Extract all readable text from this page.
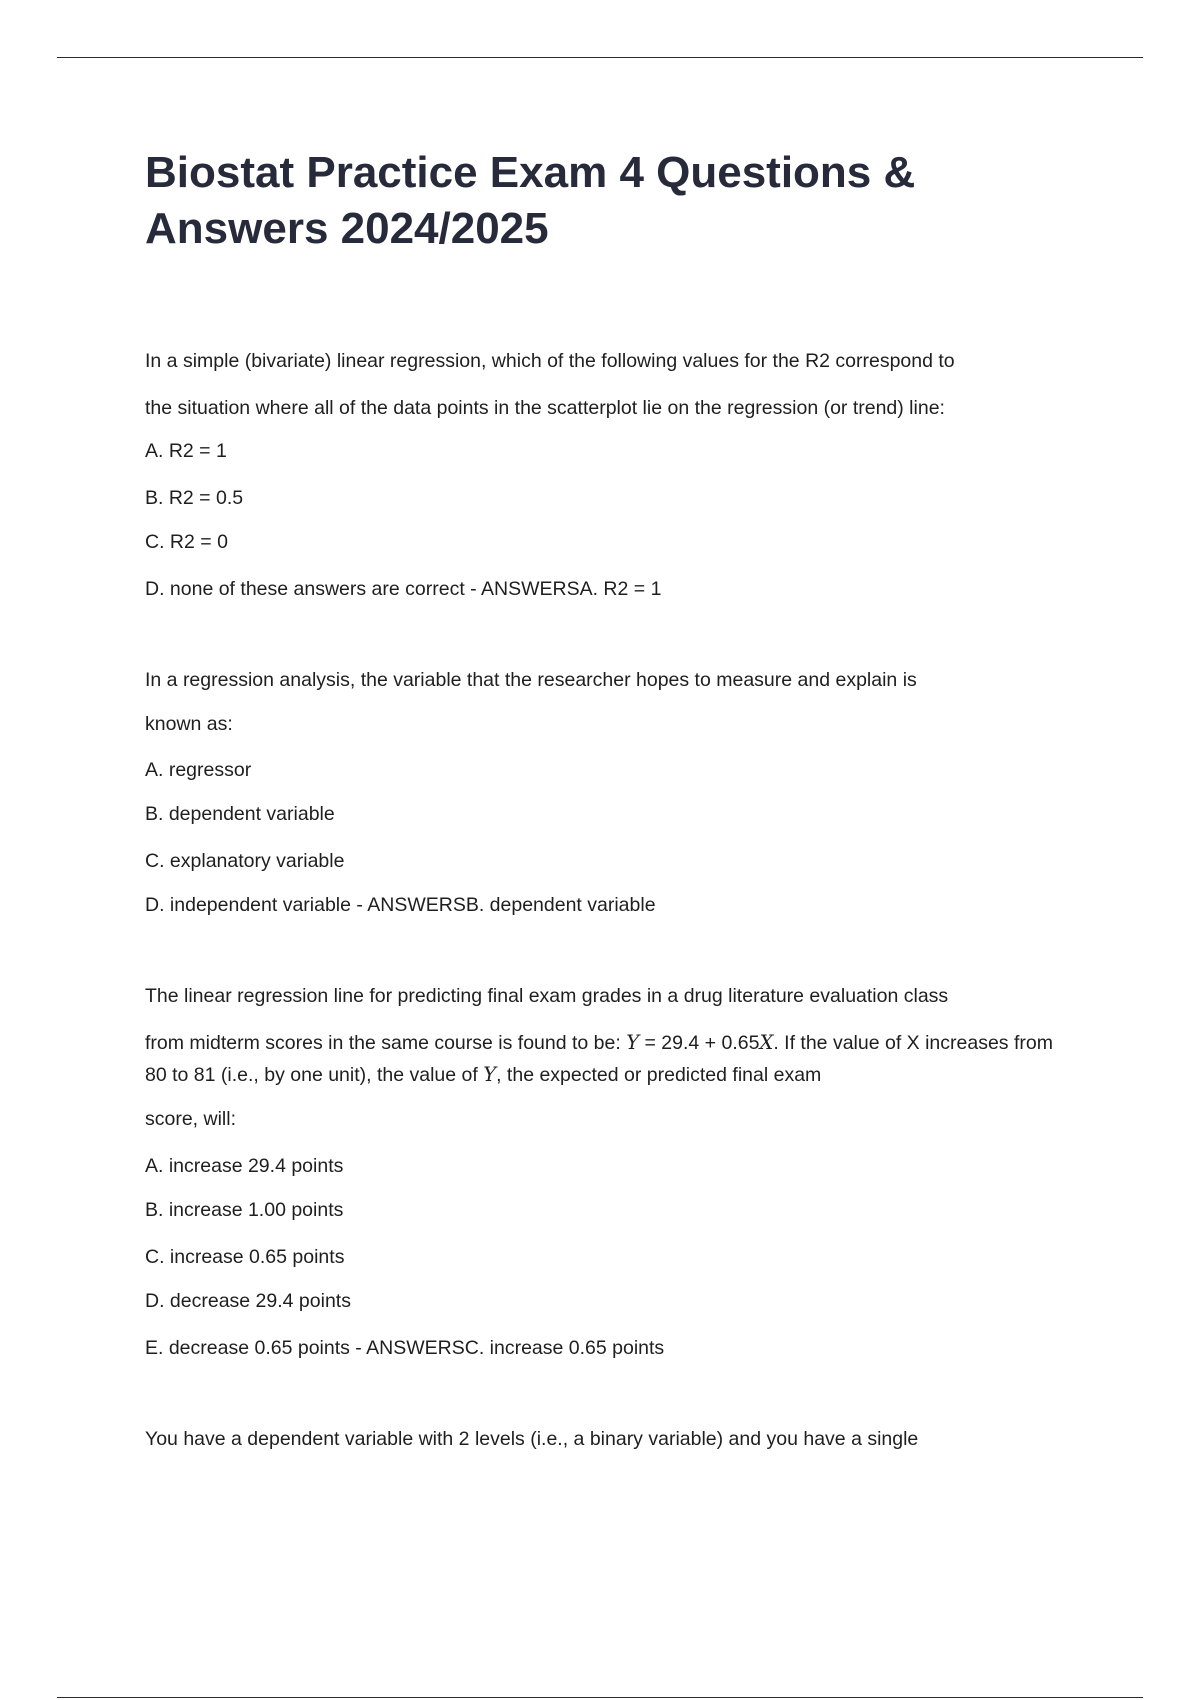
Biostat Practice Exam 4 Questions & Answers 2024/2025
In a simple (bivariate) linear regression, which of the following values for the R2 correspond to
the situation where all of the data points in the scatterplot lie on the regression (or trend) line:
A. R2 = 1
B. R2 = 0.5
C. R2 = 0
D. none of these answers are correct - ANSWERSA. R2 = 1
In a regression analysis, the variable that the researcher hopes to measure and explain is
known as:
A. regressor
B. dependent variable
C. explanatory variable
D. independent variable - ANSWERSB. dependent variable
The linear regression line for predicting final exam grades in a drug literature evaluation class
from midterm scores in the same course is found to be: Y = 29.4 + 0.65X. If the value of X increases from
80 to 81 (i.e., by one unit), the value of Y, the expected or predicted final exam
score, will:
A. increase 29.4 points
B. increase 1.00 points
C. increase 0.65 points
D. decrease 29.4 points
E. decrease 0.65 points - ANSWERSC. increase 0.65 points
You have a dependent variable with 2 levels (i.e., a binary variable) and you have a single
